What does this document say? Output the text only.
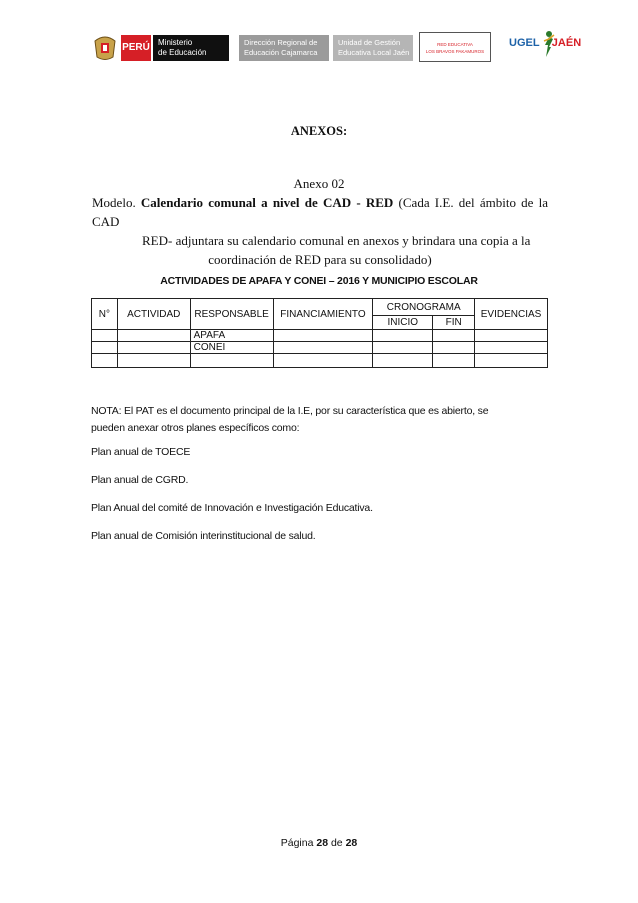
PERÚ Ministerio
de Educación
Dirección Regional de
Educación Cajamarca
Unidad de Gestión
Educativa Local Jaén
RED EDUCATIVA
LOS BRAVOS PAKAMUROS
UGEL JAÉN
ANEXOS:
Anexo 02
Modelo. Calendario comunal a nivel de CAD - RED (Cada I.E. del ámbito de la CAD
RED- adjuntara su calendario comunal en anexos y brindara una copia a la
coordinación de RED para su consolidado)
ACTIVIDADES DE APAFA Y CONEI – 2016 Y MUNICIPIO ESCOLAR
N°	ACTIVIDAD	RESPONSABLE	FINANCIAMIENTO	CRONOGRAMA		EVIDENCIAS
				INICIO	FIN	
		APAFA				
		CONEI				

NOTA: El PAT es el documento principal de la I.E, por su característica que es abierto, se
pueden anexar otros planes específicos como:
Plan anual de TOECE
Plan anual de CGRD.
Plan Anual del comité de Innovación e Investigación Educativa.
Plan anual de Comisión interinstitucional de salud.
Página 28 de 28
